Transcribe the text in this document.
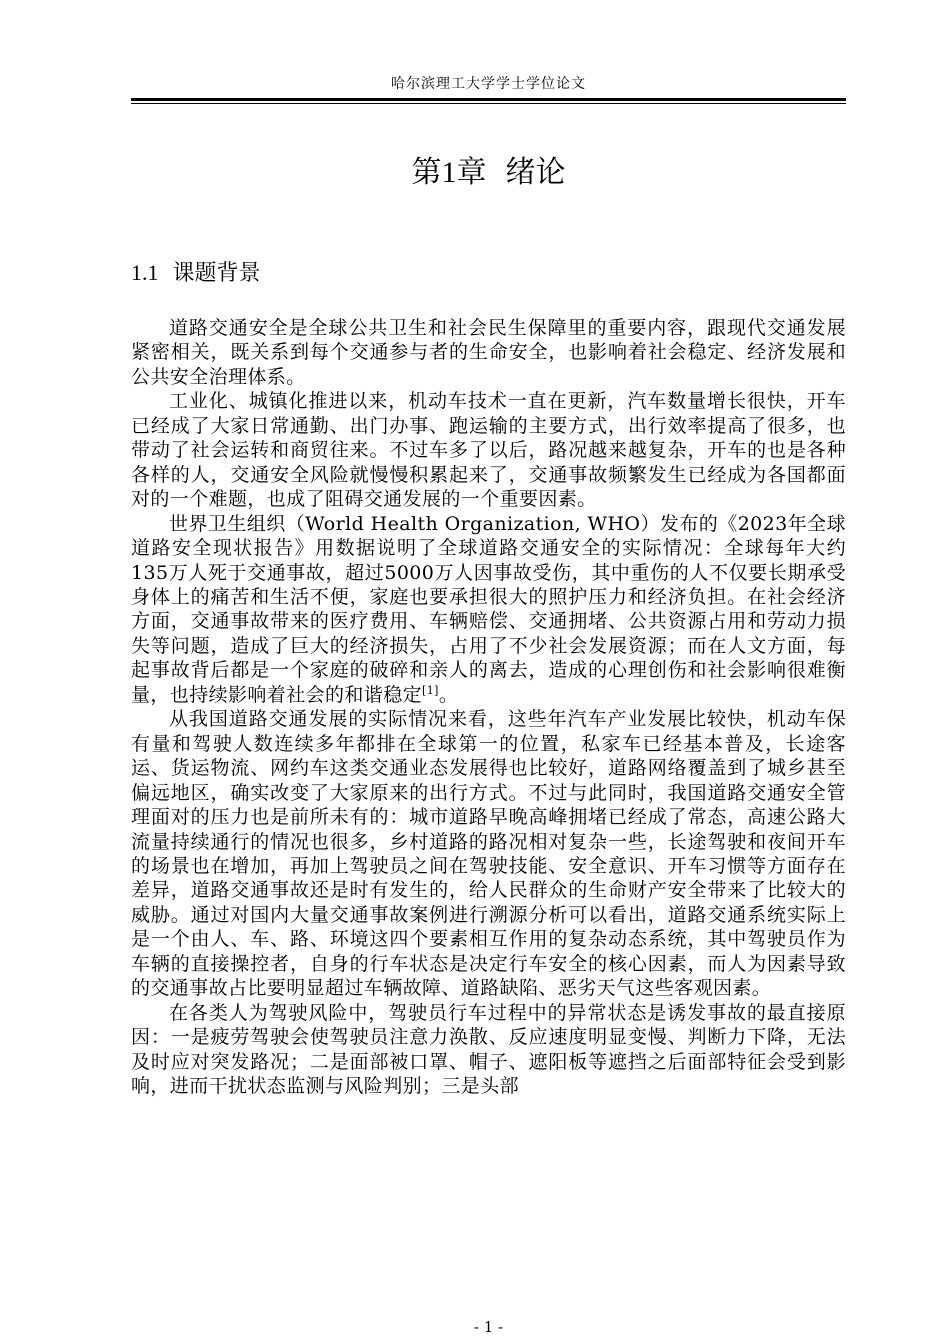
哈尔滨理工大学学士学位论文
第1章 绪论
1.1 课题背景

道路交通安全是全球公共卫生和社会民生保障里的重要内容，跟现代交通发展紧密相关，既关系到每个交通参与者的生命安全，也影响着社会稳定、经济发展和公共安全治理体系。

工业化、城镇化推进以来，机动车技术一直在更新，汽车数量增长很快，开车已经成了大家日常通勤、出门办事、跑运输的主要方式，出行效率提高了很多，也带动了社会运转和商贸往来。不过车多了以后，路况越来越复杂，开车的也是各种各样的人，交通安全风险就慢慢积累起来了，交通事故频繁发生已经成为各国都面对的一个难题，也成了阻碍交通发展的一个重要因素。

世界卫生组织（World Health Organization, WHO）发布的《2023年全球道路安全现状报告》用数据说明了全球道路交通安全的实际情况：全球每年大约135万人死于交通事故，超过5000万人因事故受伤，其中重伤的人不仅要长期承受身体上的痛苦和生活不便，家庭也要承担很大的照护压力和经济负担。在社会经济方面，交通事故带来的医疗费用、车辆赔偿、交通拥堵、公共资源占用和劳动力损失等问题，造成了巨大的经济损失，占用了不少社会发展资源；而在人文方面，每起事故背后都是一个家庭的破碎和亲人的离去，造成的心理创伤和社会影响很难衡量，也持续影响着社会的和谐稳定[1]。

从我国道路交通发展的实际情况来看，这些年汽车产业发展比较快，机动车保有量和驾驶人数连续多年都排在全球第一的位置，私家车已经基本普及，长途客运、货运物流、网约车这类交通业态发展得也比较好，道路网络覆盖到了城乡甚至偏远地区，确实改变了大家原来的出行方式。不过与此同时，我国道路交通安全管理面对的压力也是前所未有的：城市道路早晚高峰拥堵已经成了常态，高速公路大流量持续通行的情况也很多，乡村道路的路况相对复杂一些，长途驾驶和夜间开车的场景也在增加，再加上驾驶员之间在驾驶技能、安全意识、开车习惯等方面存在差异，道路交通事故还是时有发生的，给人民群众的生命财产安全带来了比较大的威胁。通过对国内大量交通事故案例进行溯源分析可以看出，道路交通系统实际上是一个由人、车、路、环境这四个要素相互作用的复杂动态系统，其中驾驶员作为车辆的直接操控者，自身的行车状态是决定行车安全的核心因素，而人为因素导致的交通事故占比要明显超过车辆故障、道路缺陷、恶劣天气这些客观因素。

在各类人为驾驶风险中，驾驶员行车过程中的异常状态是诱发事故的最直接原因：一是疲劳驾驶会使驾驶员注意力涣散、反应速度明显变慢、判断力下降，无法及时应对突发路况；二是面部被口罩、帽子、遮阳板等遮挡之后面部特征会受到影响，进而干扰状态监测与风险判别；三是头部

- 1 -
